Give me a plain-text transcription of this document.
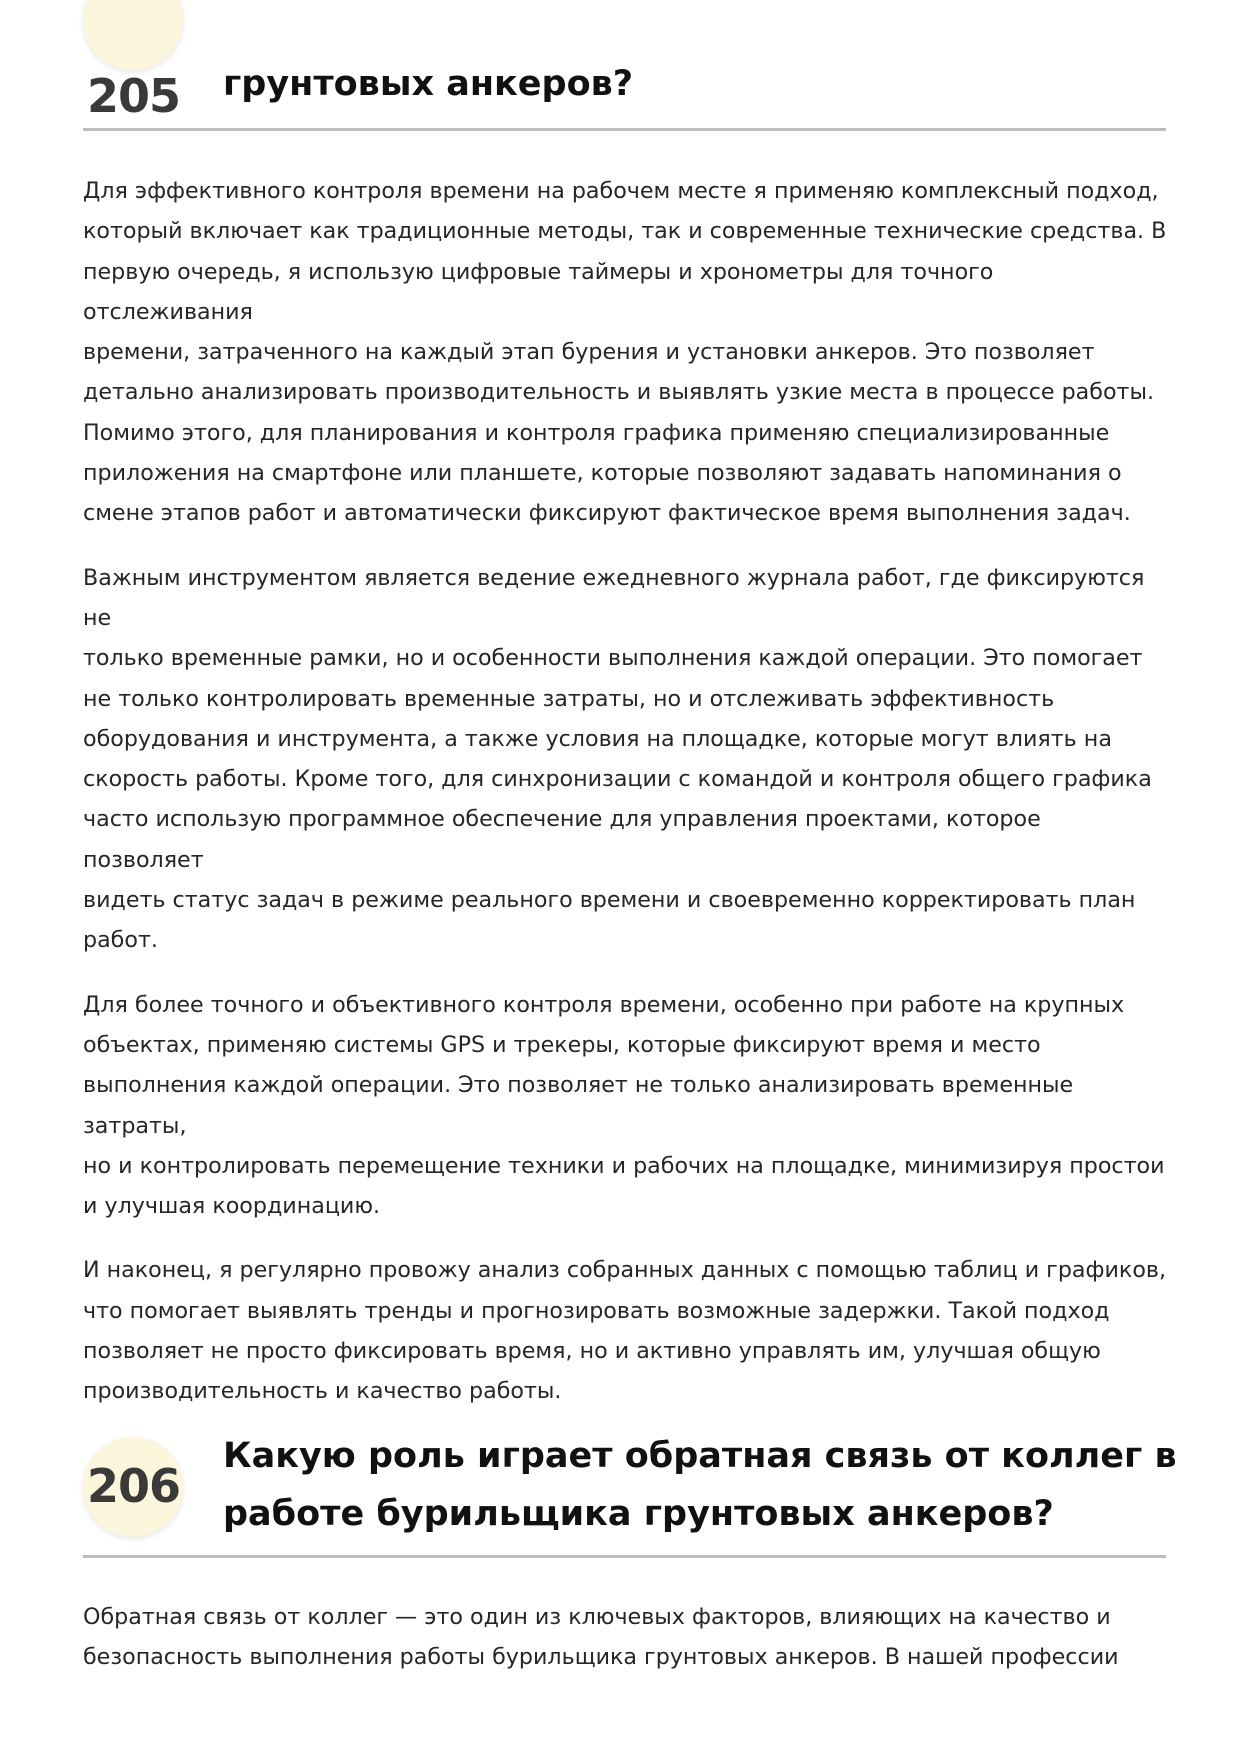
205 грунтовых анкеров?

Для эффективного контроля времени на рабочем месте я применяю комплексный подход,
который включает как традиционные методы, так и современные технические средства. В
первую очередь, я использую цифровые таймеры и хронометры для точного отслеживания
времени, затраченного на каждый этап бурения и установки анкеров. Это позволяет
детально анализировать производительность и выявлять узкие места в процессе работы.
Помимо этого, для планирования и контроля графика применяю специализированные
приложения на смартфоне или планшете, которые позволяют задавать напоминания о
смене этапов работ и автоматически фиксируют фактическое время выполнения задач.

Важным инструментом является ведение ежедневного журнала работ, где фиксируются не
только временные рамки, но и особенности выполнения каждой операции. Это помогает
не только контролировать временные затраты, но и отслеживать эффективность
оборудования и инструмента, а также условия на площадке, которые могут влиять на
скорость работы. Кроме того, для синхронизации с командой и контроля общего графика
часто использую программное обеспечение для управления проектами, которое позволяет
видеть статус задач в режиме реального времени и своевременно корректировать план
работ.

Для более точного и объективного контроля времени, особенно при работе на крупных
объектах, применяю системы GPS и трекеры, которые фиксируют время и место
выполнения каждой операции. Это позволяет не только анализировать временные затраты,
но и контролировать перемещение техники и рабочих на площадке, минимизируя простои
и улучшая координацию.

И наконец, я регулярно провожу анализ собранных данных с помощью таблиц и графиков,
что помогает выявлять тренды и прогнозировать возможные задержки. Такой подход
позволяет не просто фиксировать время, но и активно управлять им, улучшая общую
производительность и качество работы.

206
Какую роль играет обратная связь от коллег в
работе бурильщика грунтовых анкеров?

Обратная связь от коллег — это один из ключевых факторов, влияющих на качество и
безопасность выполнения работы бурильщика грунтовых анкеров. В нашей профессии
